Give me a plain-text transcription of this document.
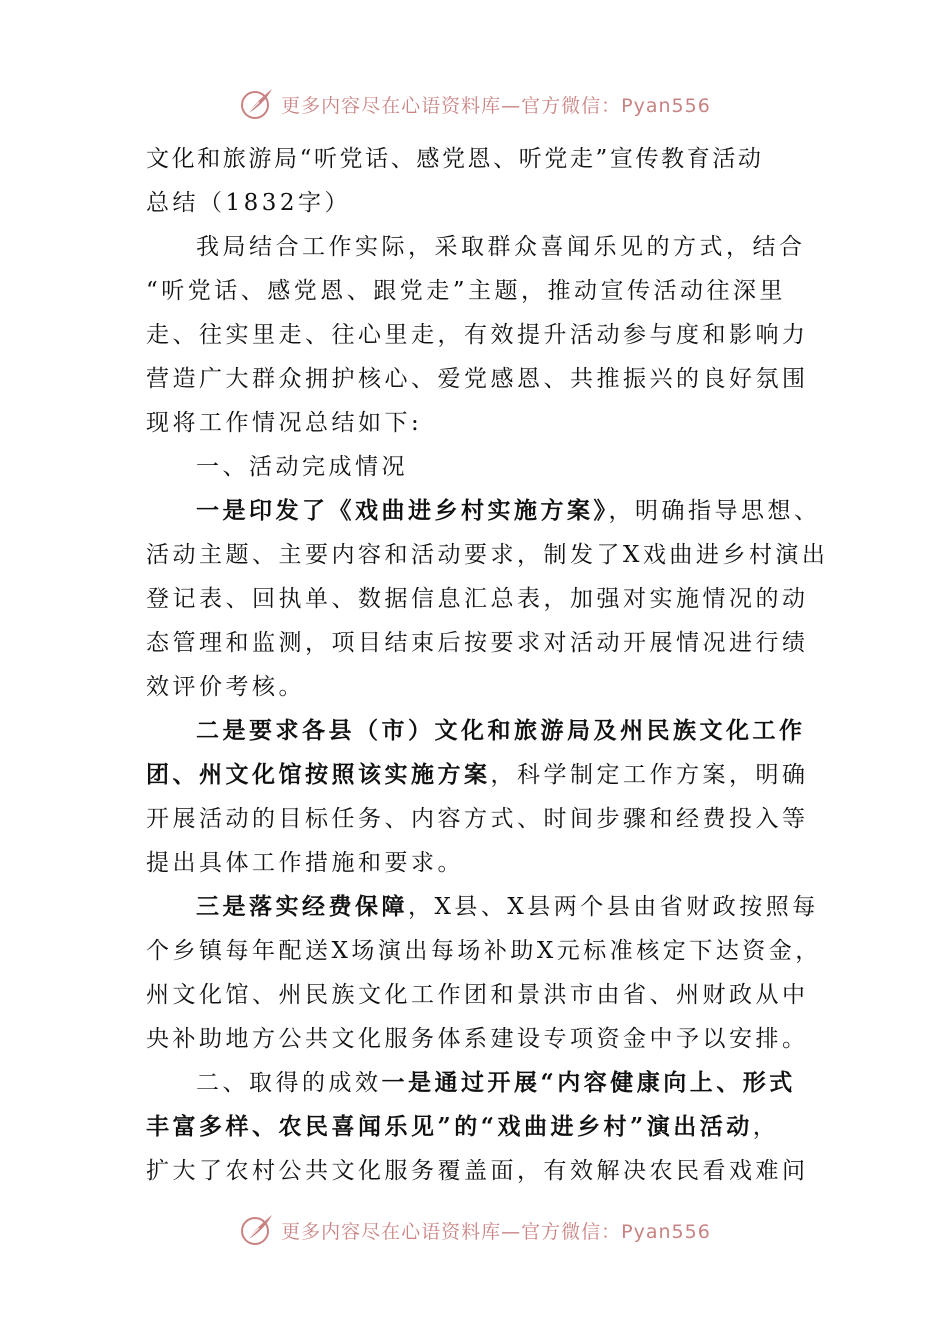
更多内容尽在心语资料库—官方微信：Pyan556
文化和旅游局“听党话、感党恩、听党走”宣传教育活动
总结（1832字）
我局结合工作实际，采取群众喜闻乐见的方式，结合
“听党话、感党恩、跟党走”主题，推动宣传活动往深里
走、往实里走、往心里走，有效提升活动参与度和影响力
营造广大群众拥护核心、爱党感恩、共推振兴的良好氛围
现将工作情况总结如下:
一、活动完成情况
一是印发了《戏曲进乡村实施方案》，明确指导思想、
活动主题、主要内容和活动要求，制发了X戏曲进乡村演出
登记表、回执单、数据信息汇总表，加强对实施情况的动
态管理和监测，项目结束后按要求对活动开展情况进行绩
效评价考核。
二是要求各县（市）文化和旅游局及州民族文化工作
团、州文化馆按照该实施方案，科学制定工作方案，明确
开展活动的目标任务、内容方式、时间步骤和经费投入等
提出具体工作措施和要求。
三是落实经费保障，X县、X县两个县由省财政按照每
个乡镇每年配送X场演出每场补助X元标准核定下达资金，
州文化馆、州民族文化工作团和景洪市由省、州财政从中
央补助地方公共文化服务体系建设专项资金中予以安排。
二、取得的成效一是通过开展“内容健康向上、形式
丰富多样、农民喜闻乐见”的“戏曲进乡村”演出活动，
扩大了农村公共文化服务覆盖面，有效解决农民看戏难问
更多内容尽在心语资料库—官方微信：Pyan556
